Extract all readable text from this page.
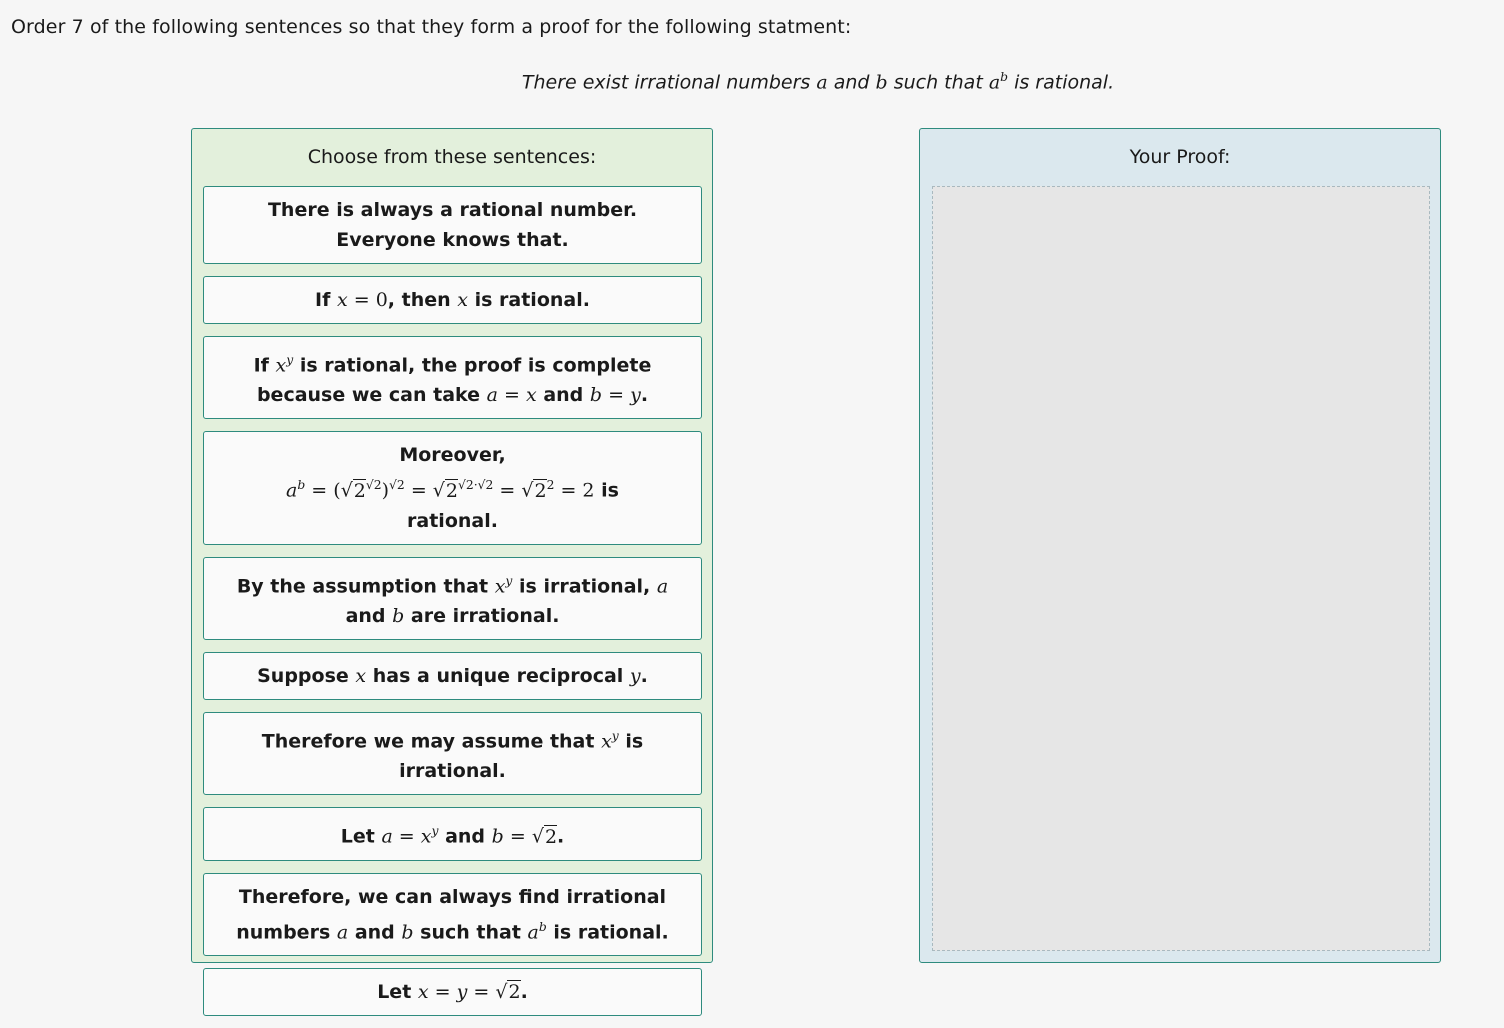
Order 7 of the following sentences so that they form a proof for the following statment:
There exist irrational numbers a and b such that $a^b$ is rational.
Choose from these sentences:
There is always a rational number. Everyone knows that.
If x = 0, then x is rational.
If $x^y$ is rational, the proof is complete because we can take a = x and b = y.
Moreover,
$a^b = (√2^{√2})^{√2} = √2^{√2\cdot√2} = √2^2 = 2$ is
rational.
By the assumption that $x^y$ is irrational, a and b are irrational.
Suppose x has a unique reciprocal y.
Therefore we may assume that $x^y$ is irrational.
Let $a = x^y$ and b = √2.
Therefore, we can always find irrational numbers a and b such that $a^b$ is rational.
Let x = y = √2.
Your Proof:
